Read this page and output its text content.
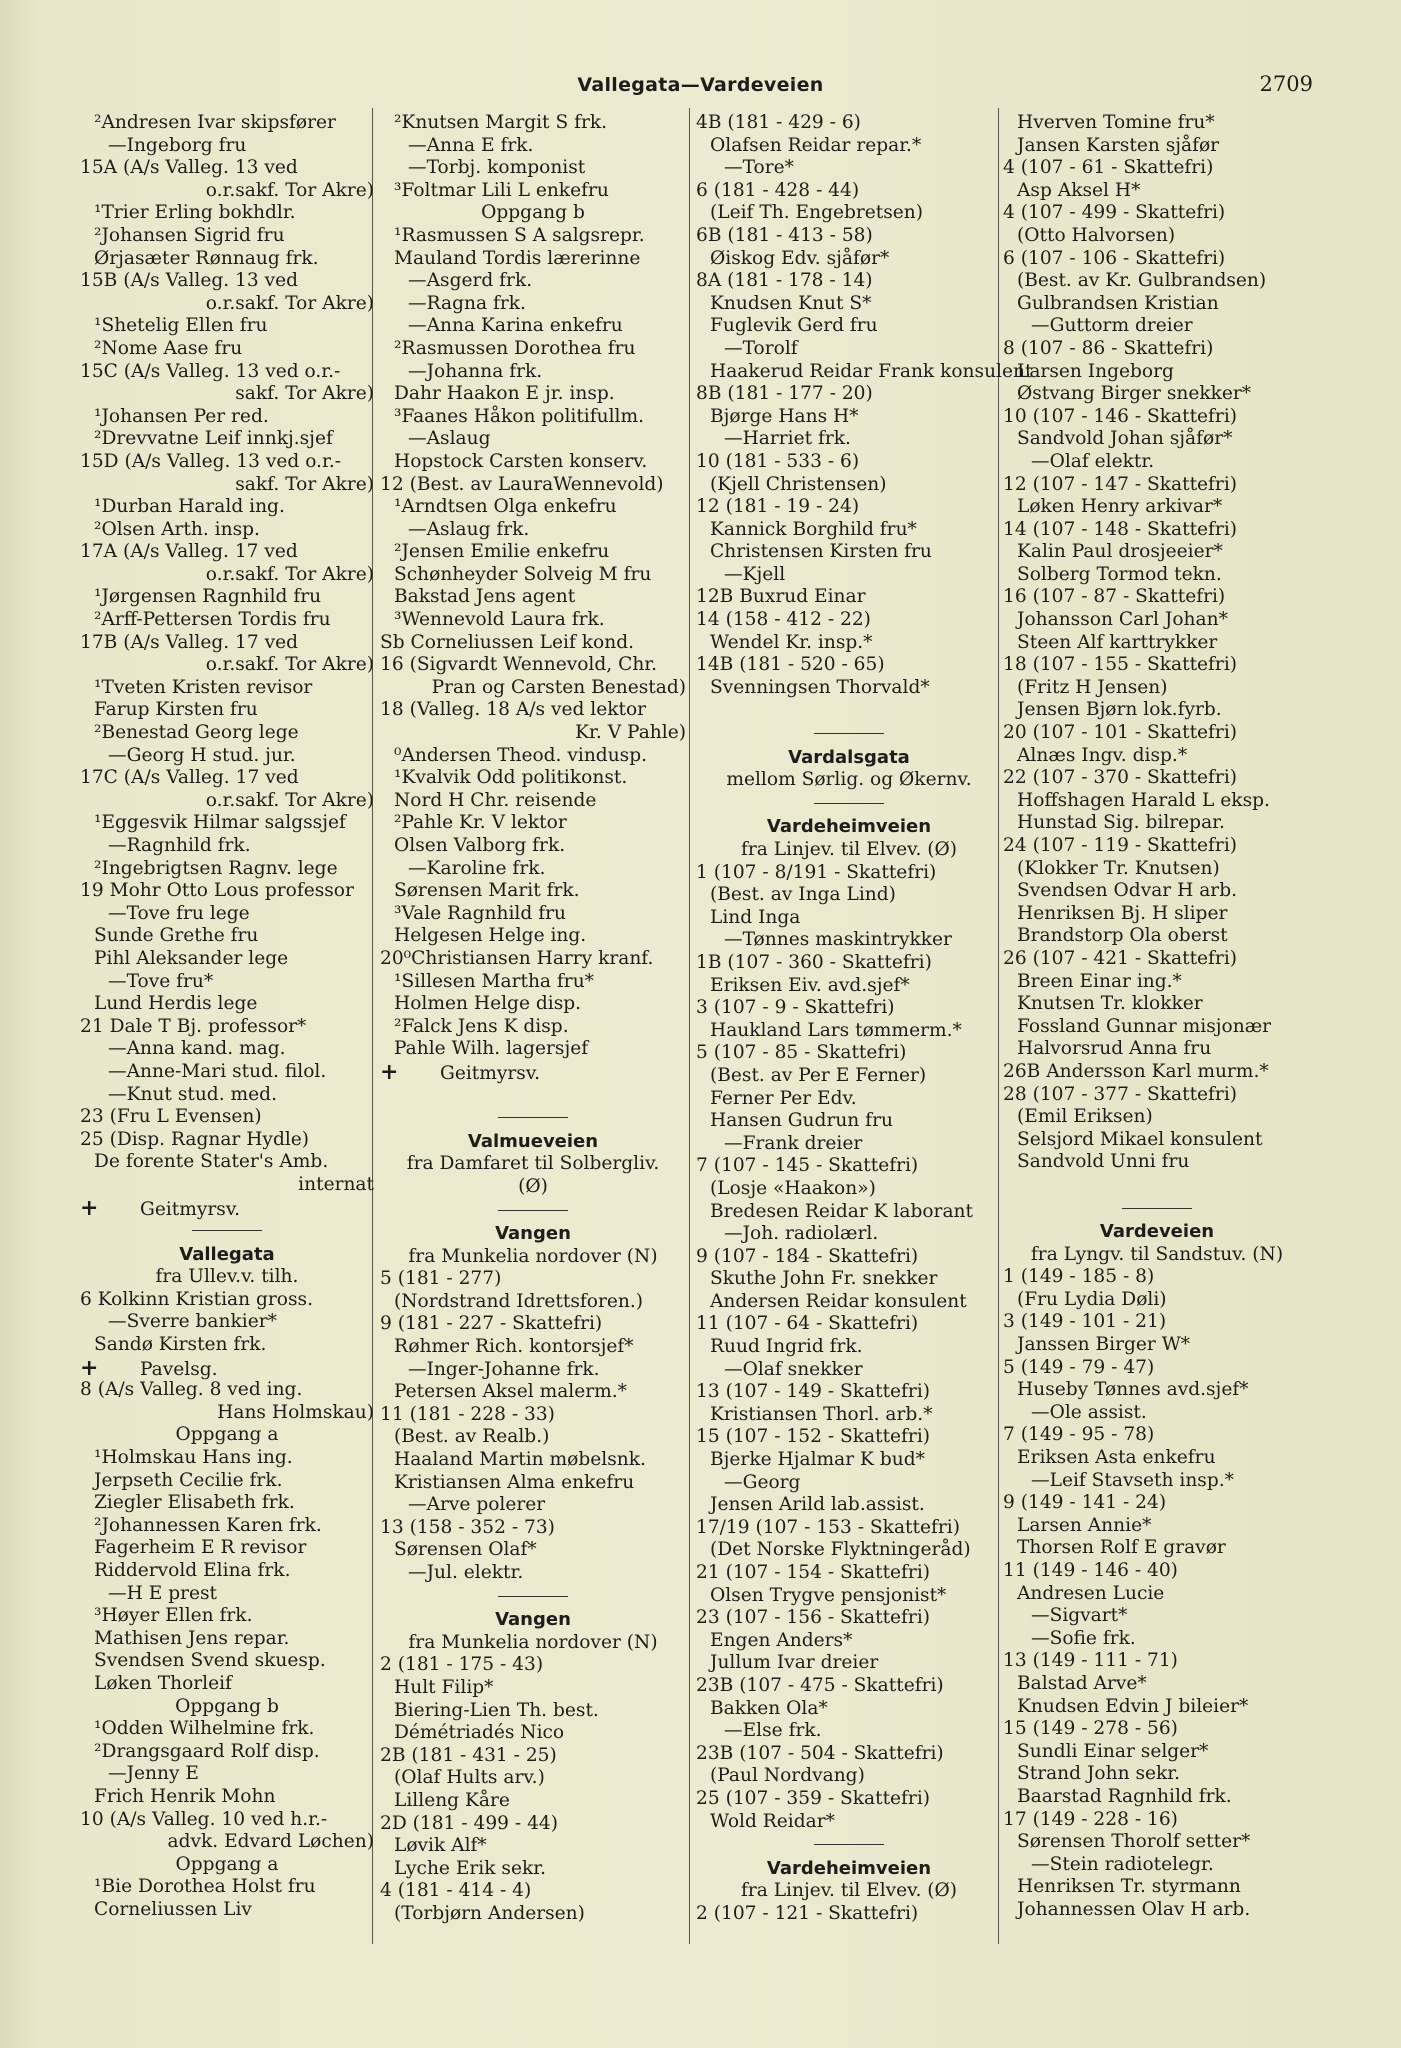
Vallegata—Vardeveien	2709
²Andresen Ivar skipsfører
—Ingeborg fru
15A (A/s Valleg. 13 ved
o.r.sakf. Tor Akre)
¹Trier Erling bokhdlr.
²Johansen Sigrid fru
Ørjasæter Rønnaug frk.
15B (A/s Valleg. 13 ved
o.r.sakf. Tor Akre)
¹Shetelig Ellen fru
²Nome Aase fru
15C (A/s Valleg. 13 ved o.r.-
sakf. Tor Akre)
¹Johansen Per red.
²Drevvatne Leif innkj.sjef
15D (A/s Valleg. 13 ved o.r.-
sakf. Tor Akre)
¹Durban Harald ing.
²Olsen Arth. insp.
17A (A/s Valleg. 17 ved
o.r.sakf. Tor Akre)
¹Jørgensen Ragnhild fru
²Arff-Pettersen Tordis fru
17B (A/s Valleg. 17 ved
o.r.sakf. Tor Akre)
¹Tveten Kristen revisor
Farup Kirsten fru
²Benestad Georg lege
—Georg H stud. jur.
17C (A/s Valleg. 17 ved
o.r.sakf. Tor Akre)
¹Eggesvik Hilmar salgssjef
—Ragnhild frk.
²Ingebrigtsen Ragnv. lege
19 Mohr Otto Lous professor
—Tove fru lege
Sunde Grethe fru
Pihl Aleksander lege
—Tove fru*
Lund Herdis lege
21 Dale T Bj. professor*
—Anna kand. mag.
—Anne-Mari stud. filol.
—Knut stud. med.
23 (Fru L Evensen)
25 (Disp. Ragnar Hydle)
De forente Stater's Amb.
internat
+ Geitmyrsv.
Vallegata
fra Ullev.v. tilh.
6 Kolkinn Kristian gross.
—Sverre bankier*
Sandø Kirsten frk.
+ Pavelsg.
8 (A/s Valleg. 8 ved ing.
Hans Holmskau)
Oppgang a
¹Holmskau Hans ing.
Jerpseth Cecilie frk.
Ziegler Elisabeth frk.
²Johannessen Karen frk.
Fagerheim E R revisor
Riddervold Elina frk.
—H E prest
³Høyer Ellen frk.
Mathisen Jens repar.
Svendsen Svend skuesp.
Løken Thorleif
Oppgang b
¹Odden Wilhelmine frk.
²Drangsgaard Rolf disp.
—Jenny E
Frich Henrik Mohn
10 (A/s Valleg. 10 ved h.r.-
advk. Edvard Løchen)
Oppgang a
¹Bie Dorothea Holst fru
Corneliussen Liv
²Knutsen Margit S frk.
—Anna E frk.
—Torbj. komponist
³Foltmar Lili L enkefru
Oppgang b
¹Rasmussen S A salgsrepr.
Mauland Tordis lærerinne
—Asgerd frk.
—Ragna frk.
—Anna Karina enkefru
²Rasmussen Dorothea fru
—Johanna frk.
Dahr Haakon E jr. insp.
³Faanes Håkon politifullm.
—Aslaug
Hopstock Carsten konserv.
12 (Best. av LauraWennevold)
¹Arndtsen Olga enkefru
—Aslaug frk.
²Jensen Emilie enkefru
Schønheyder Solveig M fru
Bakstad Jens agent
³Wennevold Laura frk.
Sb Corneliussen Leif kond.
16 (Sigvardt Wennevold, Chr.
Pran og Carsten Benestad)
18 (Valleg. 18 A/s ved lektor
Kr. V Pahle)
⁰Andersen Theod. vindusp.
¹Kvalvik Odd politikonst.
Nord H Chr. reisende
²Pahle Kr. V lektor
Olsen Valborg frk.
—Karoline frk.
Sørensen Marit frk.
³Vale Ragnhild fru
Helgesen Helge ing.
20⁰Christiansen Harry kranf.
¹Sillesen Martha fru*
Holmen Helge disp.
²Falck Jens K disp.
Pahle Wilh. lagersjef
+ Geitmyrsv.
Valmueveien
fra Damfaret til Solbergliv.
(Ø)
Vangen
fra Munkelia nordover (N)
5 (181 - 277)
(Nordstrand Idrettsforen.)
9 (181 - 227 - Skattefri)
Røhmer Rich. kontorsjef*
—Inger-Johanne frk.
Petersen Aksel malerm.*
11 (181 - 228 - 33)
(Best. av Realb.)
Haaland Martin møbelsnk.
Kristiansen Alma enkefru
—Arve polerer
13 (158 - 352 - 73)
Sørensen Olaf*
—Jul. elektr.
Vangen
fra Munkelia nordover (N)
2 (181 - 175 - 43)
Hult Filip*
Biering-Lien Th. best.
Démétriadés Nico
2B (181 - 431 - 25)
(Olaf Hults arv.)
Lilleng Kåre
2D (181 - 499 - 44)
Løvik Alf*
Lyche Erik sekr.
4 (181 - 414 - 4)
(Torbjørn Andersen)
4B (181 - 429 - 6)
Olafsen Reidar repar.*
—Tore*
6 (181 - 428 - 44)
(Leif Th. Engebretsen)
6B (181 - 413 - 58)
Øiskog Edv. sjåfør*
8A (181 - 178 - 14)
Knudsen Knut S*
Fuglevik Gerd fru
—Torolf
Haakerud Reidar Frank konsulent
8B (181 - 177 - 20)
Bjørge Hans H*
—Harriet frk.
10 (181 - 533 - 6)
(Kjell Christensen)
12 (181 - 19 - 24)
Kannick Borghild fru*
Christensen Kirsten fru
—Kjell
12B Buxrud Einar
14 (158 - 412 - 22)
Wendel Kr. insp.*
14B (181 - 520 - 65)
Svenningsen Thorvald*
Vardalsgata
mellom Sørlig. og Økernv.
Vardeheimveien
fra Linjev. til Elvev. (Ø)
1 (107 - 8/191 - Skattefri)
(Best. av Inga Lind)
Lind Inga
—Tønnes maskintrykker
1B (107 - 360 - Skattefri)
Eriksen Eiv. avd.sjef*
3 (107 - 9 - Skattefri)
Haukland Lars tømmerm.*
5 (107 - 85 - Skattefri)
(Best. av Per E Ferner)
Ferner Per Edv.
Hansen Gudrun fru
—Frank dreier
7 (107 - 145 - Skattefri)
(Losje «Haakon»)
Bredesen Reidar K laborant
—Joh. radiolærl.
9 (107 - 184 - Skattefri)
Skuthe John Fr. snekker
Andersen Reidar konsulent
11 (107 - 64 - Skattefri)
Ruud Ingrid frk.
—Olaf snekker
13 (107 - 149 - Skattefri)
Kristiansen Thorl. arb.*
15 (107 - 152 - Skattefri)
Bjerke Hjalmar K bud*
—Georg
Jensen Arild lab.assist.
17/19 (107 - 153 - Skattefri)
(Det Norske Flyktningeråd)
21 (107 - 154 - Skattefri)
Olsen Trygve pensjonist*
23 (107 - 156 - Skattefri)
Engen Anders*
Jullum Ivar dreier
23B (107 - 475 - Skattefri)
Bakken Ola*
—Else frk.
23B (107 - 504 - Skattefri)
(Paul Nordvang)
25 (107 - 359 - Skattefri)
Wold Reidar*
Vardeheimveien
fra Linjev. til Elvev. (Ø)
2 (107 - 121 - Skattefri)
Hverven Tomine fru*
Jansen Karsten sjåfør
4 (107 - 61 - Skattefri)
Asp Aksel H*
4 (107 - 499 - Skattefri)
(Otto Halvorsen)
6 (107 - 106 - Skattefri)
(Best. av Kr. Gulbrandsen)
Gulbrandsen Kristian
—Guttorm dreier
8 (107 - 86 - Skattefri)
Larsen Ingeborg
Østvang Birger snekker*
10 (107 - 146 - Skattefri)
Sandvold Johan sjåfør*
—Olaf elektr.
12 (107 - 147 - Skattefri)
Løken Henry arkivar*
14 (107 - 148 - Skattefri)
Kalin Paul drosjeeier*
Solberg Tormod tekn.
16 (107 - 87 - Skattefri)
Johansson Carl Johan*
Steen Alf karttrykker
18 (107 - 155 - Skattefri)
(Fritz H Jensen)
Jensen Bjørn lok.fyrb.
20 (107 - 101 - Skattefri)
Alnæs Ingv. disp.*
22 (107 - 370 - Skattefri)
Hoffshagen Harald L eksp.
Hunstad Sig. bilrepar.
24 (107 - 119 - Skattefri)
(Klokker Tr. Knutsen)
Svendsen Odvar H arb.
Henriksen Bj. H sliper
Brandstorp Ola oberst
26 (107 - 421 - Skattefri)
Breen Einar ing.*
Knutsen Tr. klokker
Fossland Gunnar misjonær
Halvorsrud Anna fru
26B Andersson Karl murm.*
28 (107 - 377 - Skattefri)
(Emil Eriksen)
Selsjord Mikael konsulent
Sandvold Unni fru
Vardeveien
fra Lyngv. til Sandstuv. (N)
1 (149 - 185 - 8)
(Fru Lydia Døli)
3 (149 - 101 - 21)
Janssen Birger W*
5 (149 - 79 - 47)
Huseby Tønnes avd.sjef*
—Ole assist.
7 (149 - 95 - 78)
Eriksen Asta enkefru
—Leif Stavseth insp.*
9 (149 - 141 - 24)
Larsen Annie*
Thorsen Rolf E gravør
11 (149 - 146 - 40)
Andresen Lucie
—Sigvart*
—Sofie frk.
13 (149 - 111 - 71)
Balstad Arve*
Knudsen Edvin J bileier*
15 (149 - 278 - 56)
Sundli Einar selger*
Strand John sekr.
Baarstad Ragnhild frk.
17 (149 - 228 - 16)
Sørensen Thorolf setter*
—Stein radiotelegr.
Henriksen Tr. styrmann
Johannessen Olav H arb.
